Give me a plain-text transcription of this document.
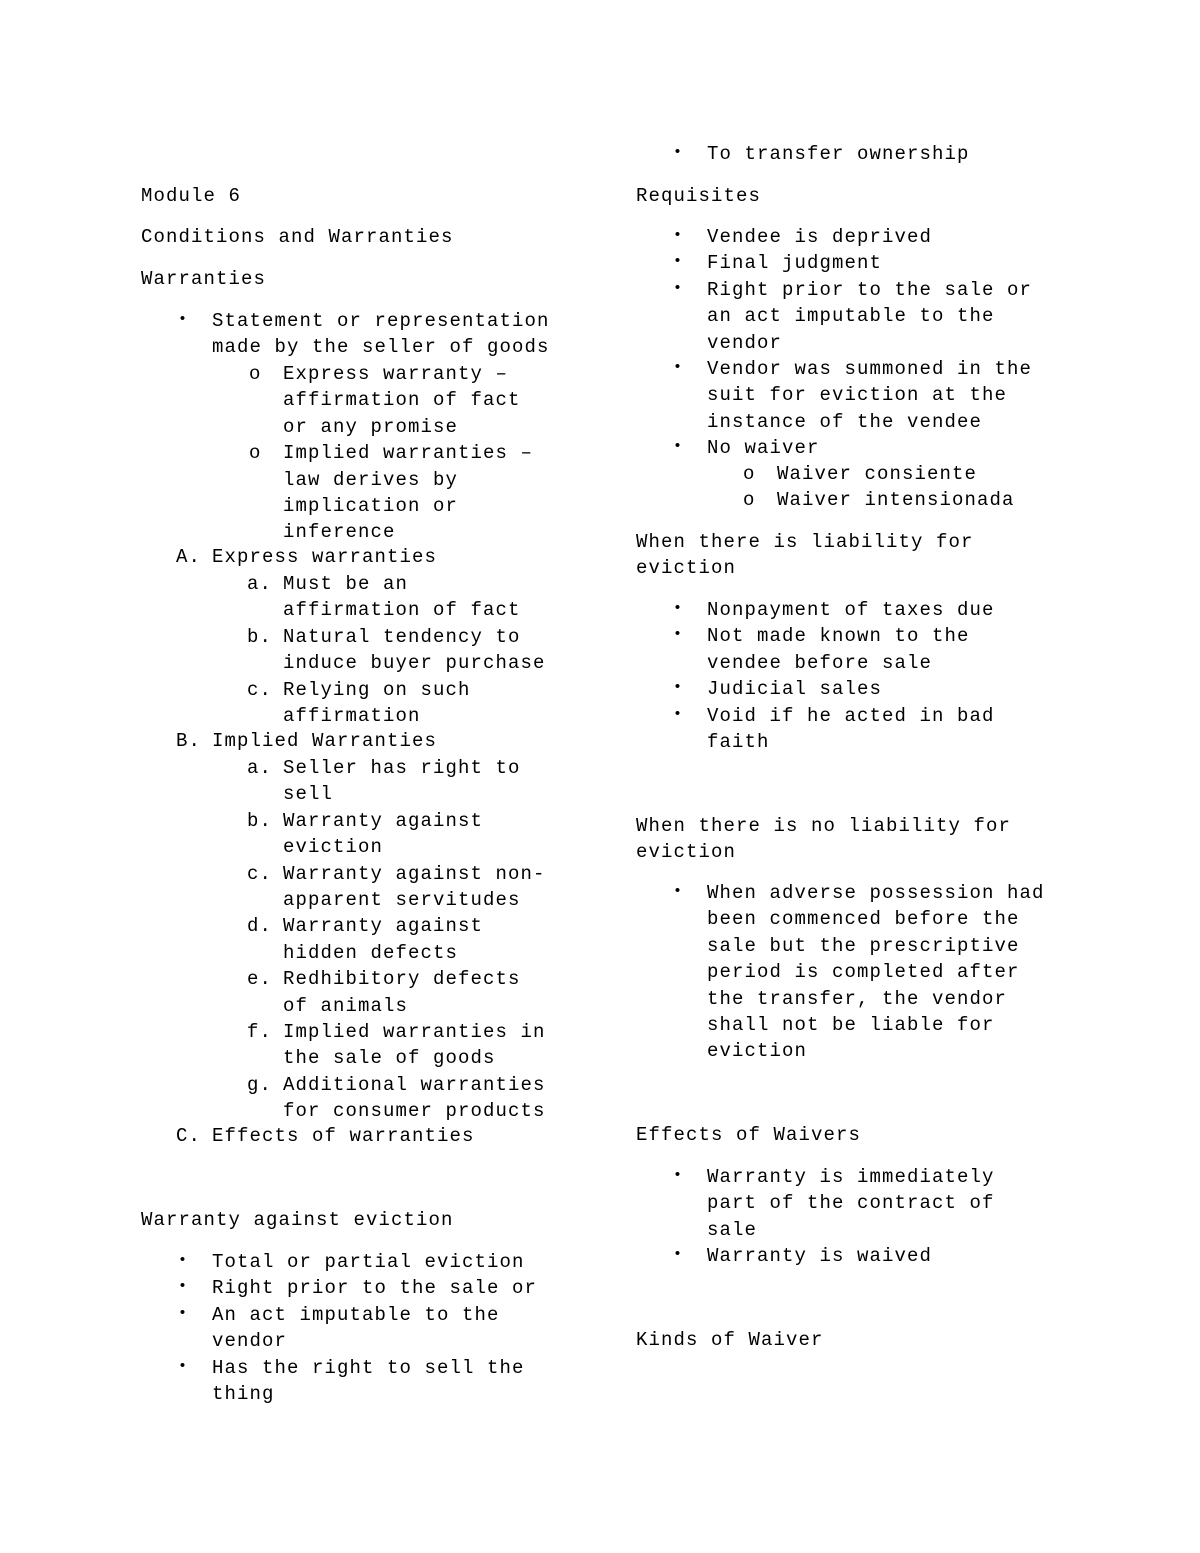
Module 6

Conditions and Warranties

Warranties

• Statement or representation
made by the seller of goods
o Express warranty –
affirmation of fact
or any promise
o Implied warranties –
law derives by
implication or
inference
A. Express warranties
a. Must be an
affirmation of fact
b. Natural tendency to
induce buyer purchase
c. Relying on such
affirmation
B. Implied Warranties
a. Seller has right to
sell
b. Warranty against
eviction
c. Warranty against non-
apparent servitudes
d. Warranty against
hidden defects
e. Redhibitory defects
of animals
f. Implied warranties in
the sale of goods
g. Additional warranties
for consumer products
C. Effects of warranties

Warranty against eviction

• Total or partial eviction
• Right prior to the sale or
• An act imputable to the
vendor
• Has the right to sell the
thing
• To transfer ownership

Requisites

• Vendee is deprived
• Final judgment
• Right prior to the sale or
an act imputable to the
vendor
• Vendor was summoned in the
suit for eviction at the
instance of the vendee
• No waiver
o Waiver consiente
o Waiver intensionada
When there is liability for
eviction
• Nonpayment of taxes due
• Not made known to the
vendee before sale
• Judicial sales
• Void if he acted in bad
faith
When there is no liability for
eviction
• When adverse possession had
been commenced before the
sale but the prescriptive
period is completed after
the transfer, the vendor
shall not be liable for
eviction

Effects of Waivers

• Warranty is immediately
part of the contract of
sale
• Warranty is waived

Kinds of Waiver
